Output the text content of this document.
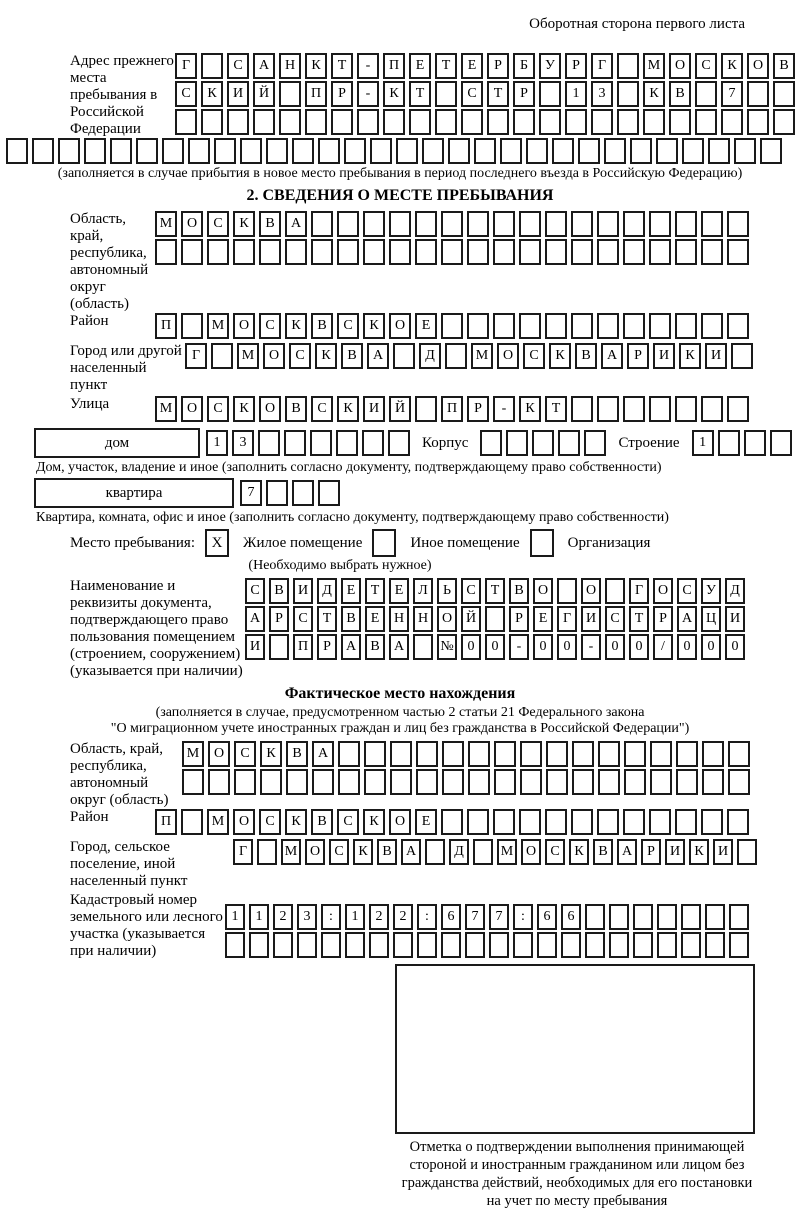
Оборотная сторона первого листа
Адрес прежнего места пребывания в Российской Федерации
Г	С	А	Н	К	Т	-	П	Е	Т	Е	Р	Б	У	Р	Г	М	О	С	К	О	В
С	К	И	Й	П	Р	-	К	Т	С	Т	Р	1	3	К	В	7
(заполняется в случае прибытия в новое место пребывания в период последнего въезда в Российскую Федерацию)
2. СВЕДЕНИЯ О МЕСТЕ ПРЕБЫВАНИЯ
Область, край, республика, автономный округ (область)
М	О	С	К	В	А
Район	П	М	О	С	К	В	С	К	О	Е
Город или другой населенный пункт
Г	М	О	С	К	В	А	Д	М	О	С	К	В	А	Р	И	К	И
Улица	М	О	С	К	О	В	С	К	И	Й	П	Р	-	К	Т
дом	1	3	Корпус	Строение	1
Дом, участок, владение и иное (заполнить согласно документу, подтверждающему право собственности)
квартира	7
Квартира, комната, офис и иное (заполнить согласно документу, подтверждающему право собственности)
Место пребывания:	X	Жилое помещение	Иное помещение	Организация
(Необходимо выбрать нужное)
Наименование и реквизиты документа, подтверждающего право пользования помещением (строением, сооружением) (указывается при наличии)
С	В	И	Д	Е	Т	Е	Л	Ь	С	Т	В	О	О	Г	О	С	У	Д
А	Р	С	Т	В	Е	Н Н О Й	Р	Е	Г	И	С	Т	Р	А Ц И
И	П	Р	А	В	А	№ 0	0	-	0	0	-	0	0	/	0	0	0
Фактическое место нахождения
(заполняется в случае, предусмотренном частью 2 статьи 21 Федерального закона
"О миграционном учете иностранных граждан и лиц без гражданства в Российской Федерации")
Область, край, республика, автономный округ (область)
М	О	С	К	В	А
Район	П	М	О	С	К	В	С	К	О	Е
Город, сельское поселение, иной населенный пункт
Г	М О	С	К	В	А	Д	М О	С	К	В	А	Р	И	К	И
Кадастровый номер земельного или лесного участка (указывается при наличии)
1	1	2	3	:	1	2	2	:	6	7	7	:	6	6
Отметка о подтверждении выполнения принимающей
стороной и иностранным гражданином или лицом без
гражданства действий, необходимых для его постановки
на учет по месту пребывания
